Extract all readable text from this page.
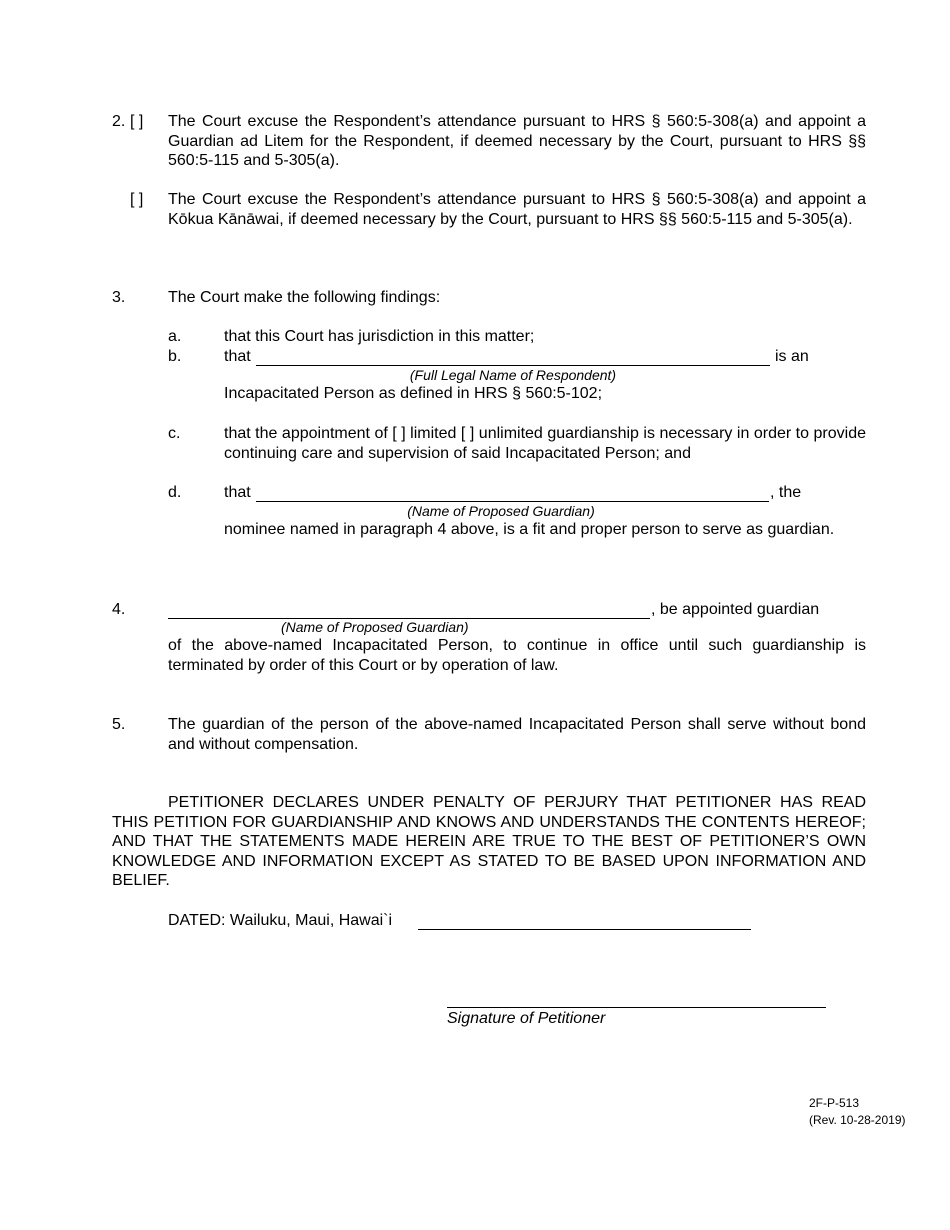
2. [ ] The Court excuse the Respondent’s attendance pursuant to HRS § 560:5-308(a) and appoint a Guardian ad Litem for the Respondent, if deemed necessary by the Court, pursuant to HRS §§ 560:5-115 and 5-305(a).
[ ] The Court excuse the Respondent’s attendance pursuant to HRS § 560:5-308(a) and appoint a Kōkua Kānāwai, if deemed necessary by the Court, pursuant to HRS §§ 560:5-115 and 5-305(a).
3.	The Court make the following findings:
a.	that this Court has jurisdiction in this matter;
b.	that	is an
(Full Legal Name of Respondent)
Incapacitated Person as defined in HRS § 560:5-102;
c.	that the appointment of [ ] limited [ ] unlimited guardianship is necessary in order to provide continuing care and supervision of said Incapacitated Person; and
d.	that	, the
(Name of Proposed Guardian)
nominee named in paragraph 4 above, is a fit and proper person to serve as guardian.
4.	, be appointed guardian
(Name of Proposed Guardian)
of the above-named Incapacitated Person, to continue in office until such guardianship is terminated by order of this Court or by operation of law.
5.	The guardian of the person of the above-named Incapacitated Person shall serve without bond and without compensation.
PETITIONER DECLARES UNDER PENALTY OF PERJURY THAT PETITIONER HAS READ THIS PETITION FOR GUARDIANSHIP AND KNOWS AND UNDERSTANDS THE CONTENTS HEREOF; AND THAT THE STATEMENTS MADE HEREIN ARE TRUE TO THE BEST OF PETITIONER’S OWN KNOWLEDGE AND INFORMATION EXCEPT AS STATED TO BE BASED UPON INFORMATION AND BELIEF.
DATED: Wailuku, Maui, Hawai`i
Signature of Petitioner
2F-P-513
(Rev. 10-28-2019)
